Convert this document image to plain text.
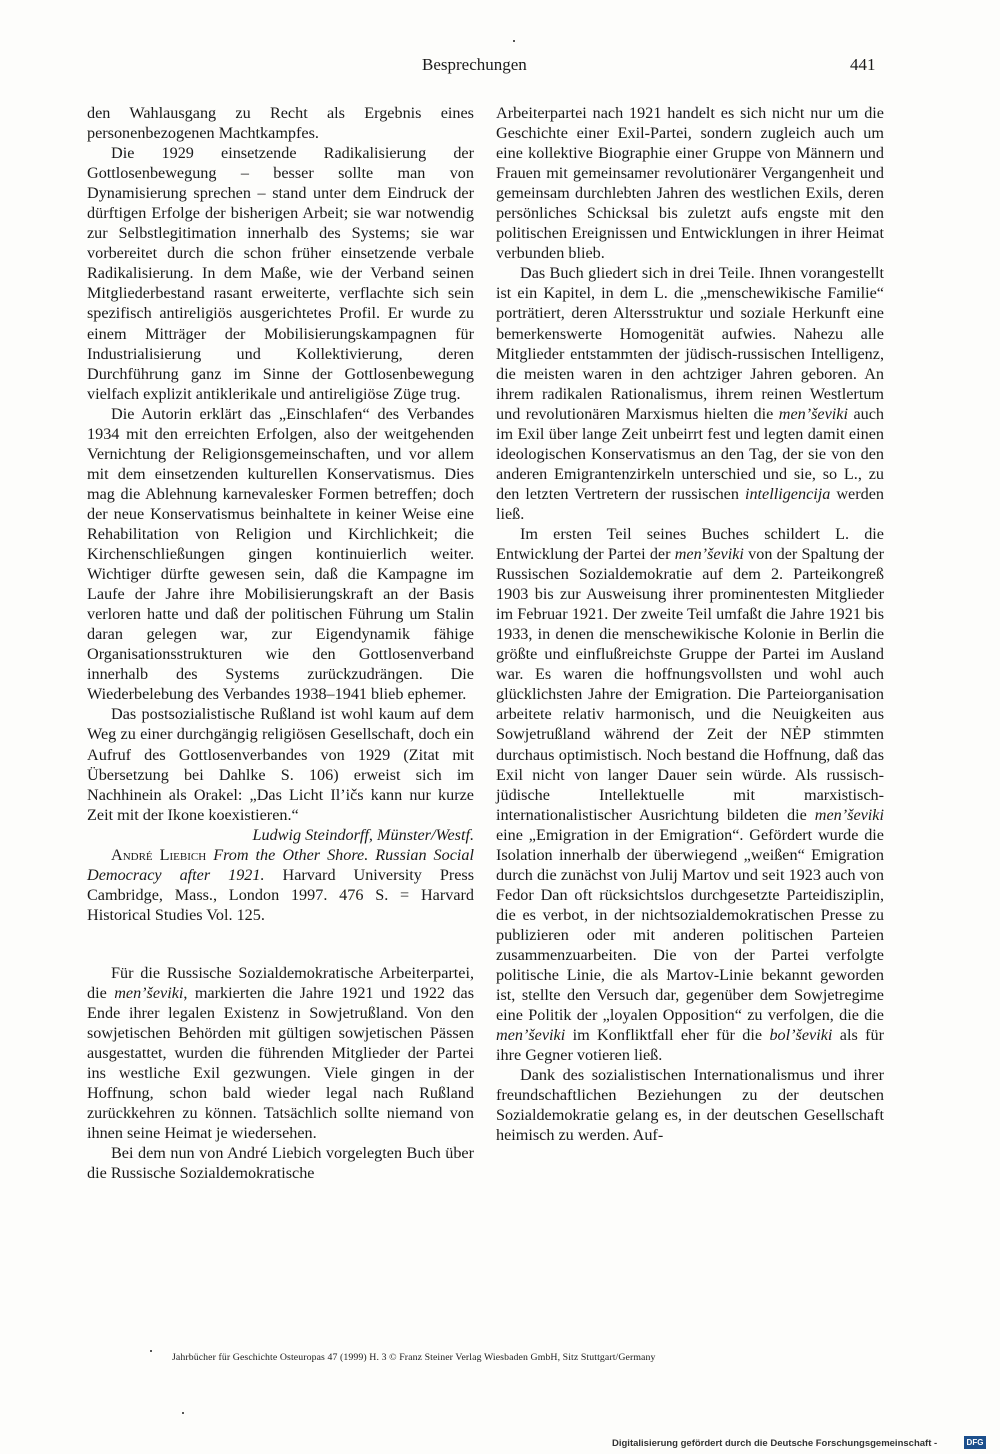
Besprechungen	441

den Wahlausgang zu Recht als Ergebnis eines personenbezogenen Machtkampfes.

Die 1929 einsetzende Radikalisierung der Gottlosenbewegung – besser sollte man von Dynamisierung sprechen – stand unter dem Eindruck der dürftigen Erfolge der bisherigen Arbeit; sie war notwendig zur Selbstlegitimation innerhalb des Systems; sie war vorbereitet durch die schon früher einsetzende verbale Radikalisierung. In dem Maße, wie der Verband seinen Mitgliederbestand rasant erweiterte, verflachte sich sein spezifisch antireligiös ausgerichtetes Profil. Er wurde zu einem Mitträger der Mobilisierungskampagnen für Industrialisierung und Kollektivierung, deren Durchführung ganz im Sinne der Gottlosenbewegung vielfach explizit antiklerikale und antireligiöse Züge trug.

Die Autorin erklärt das „Einschlafen“ des Verbandes 1934 mit den erreichten Erfolgen, also der weitgehenden Vernichtung der Religionsgemeinschaften, und vor allem mit dem einsetzenden kulturellen Konservatismus. Dies mag die Ablehnung karnevalesker Formen betreffen; doch der neue Konservatismus beinhaltete in keiner Weise eine Rehabilitation von Religion und Kirchlichkeit; die Kirchenschließungen gingen kontinuierlich weiter. Wichtiger dürfte gewesen sein, daß die Kampagne im Laufe der Jahre ihre Mobilisierungskraft an der Basis verloren hatte und daß der politischen Führung um Stalin daran gelegen war, zur Eigendynamik fähige Organisationsstrukturen wie den Gottlosenverband innerhalb des Systems zurückzudrängen. Die Wiederbelebung des Verbandes 1938–1941 blieb ephemer.

Das postsozialistische Rußland ist wohl kaum auf dem Weg zu einer durchgängig religiösen Gesellschaft, doch ein Aufruf des Gottlosenverbandes von 1929 (Zitat mit Übersetzung bei Dahlke S. 106) erweist sich im Nachhinein als Orakel: „Das Licht Il’ičs kann nur kurze Zeit mit der Ikone koexistieren.“

Ludwig Steindorff, Münster/Westf.

André Liebich From the Other Shore. Russian Social Democracy after 1921. Harvard University Press Cambridge, Mass., London 1997. 476 S. = Harvard Historical Studies Vol. 125.

Für die Russische Sozialdemokratische Arbeiterpartei, die men’ševiki, markierten die Jahre 1921 und 1922 das Ende ihrer legalen Existenz in Sowjetrußland. Von den sowjetischen Behörden mit gültigen sowjetischen Pässen ausgestattet, wurden die führenden Mitglieder der Partei ins westliche Exil gezwungen. Viele gingen in der Hoffnung, schon bald wieder legal nach Rußland zurückkehren zu können. Tatsächlich sollte niemand von ihnen seine Heimat je wiedersehen.

Bei dem nun von André Liebich vorgelegten Buch über die Russische Sozialdemokratische

Arbeiterpartei nach 1921 handelt es sich nicht nur um die Geschichte einer Exil-Partei, sondern zugleich auch um eine kollektive Biographie einer Gruppe von Männern und Frauen mit gemeinsamer revolutionärer Vergangenheit und gemeinsam durchlebten Jahren des westlichen Exils, deren persönliches Schicksal bis zuletzt aufs engste mit den politischen Ereignissen und Entwicklungen in ihrer Heimat verbunden blieb.

Das Buch gliedert sich in drei Teile. Ihnen vorangestellt ist ein Kapitel, in dem L. die „menschewikische Familie“ porträtiert, deren Altersstruktur und soziale Herkunft eine bemerkenswerte Homogenität aufwies. Nahezu alle Mitglieder entstammten der jüdisch-russischen Intelligenz, die meisten waren in den achtziger Jahren geboren. An ihrem radikalen Rationalismus, ihrem reinen Westlertum und revolutionären Marxismus hielten die men’ševiki auch im Exil über lange Zeit unbeirrt fest und legten damit einen ideologischen Konservatismus an den Tag, der sie von den anderen Emigrantenzirkeln unterschied und sie, so L., zu den letzten Vertretern der russischen intelligencija werden ließ.

Im ersten Teil seines Buches schildert L. die Entwicklung der Partei der men’ševiki von der Spaltung der Russischen Sozialdemokratie auf dem 2. Parteikongreß 1903 bis zur Ausweisung ihrer prominentesten Mitglieder im Februar 1921. Der zweite Teil umfaßt die Jahre 1921 bis 1933, in denen die menschewikische Kolonie in Berlin die größte und einflußreichste Gruppe der Partei im Ausland war. Es waren die hoffnungsvollsten und wohl auch glücklichsten Jahre der Emigration. Die Parteiorganisation arbeitete relativ harmonisch, und die Neuigkeiten aus Sowjetrußland während der Zeit der NĖP stimmten durchaus optimistisch. Noch bestand die Hoffnung, daß das Exil nicht von langer Dauer sein würde. Als russisch-jüdische Intellektuelle mit marxistisch-internationalistischer Ausrichtung bildeten die men’ševiki eine „Emigration in der Emigration“. Gefördert wurde die Isolation innerhalb der überwiegend „weißen“ Emigration durch die zunächst von Julij Martov und seit 1923 auch von Fedor Dan oft rücksichtslos durchgesetzte Parteidisziplin, die es verbot, in der nichtsozialdemokratischen Presse zu publizieren oder mit anderen politischen Parteien zusammenzuarbeiten. Die von der Partei verfolgte politische Linie, die als Martov-Linie bekannt geworden ist, stellte den Versuch dar, gegenüber dem Sowjetregime eine Politik der „loyalen Opposition“ zu verfolgen, die die men’ševiki im Konfliktfall eher für die bol’ševiki als für ihre Gegner votieren ließ.

Dank des sozialistischen Internationalismus und ihrer freundschaftlichen Beziehungen zu der deutschen Sozialdemokratie gelang es, in der deutschen Gesellschaft heimisch zu werden. Auf-

Jahrbücher für Geschichte Osteuropas 47 (1999) H. 3 © Franz Steiner Verlag Wiesbaden GmbH, Sitz Stuttgart/Germany
Digitalisierung gefördert durch die Deutsche Forschungsgemeinschaft -	DFG
